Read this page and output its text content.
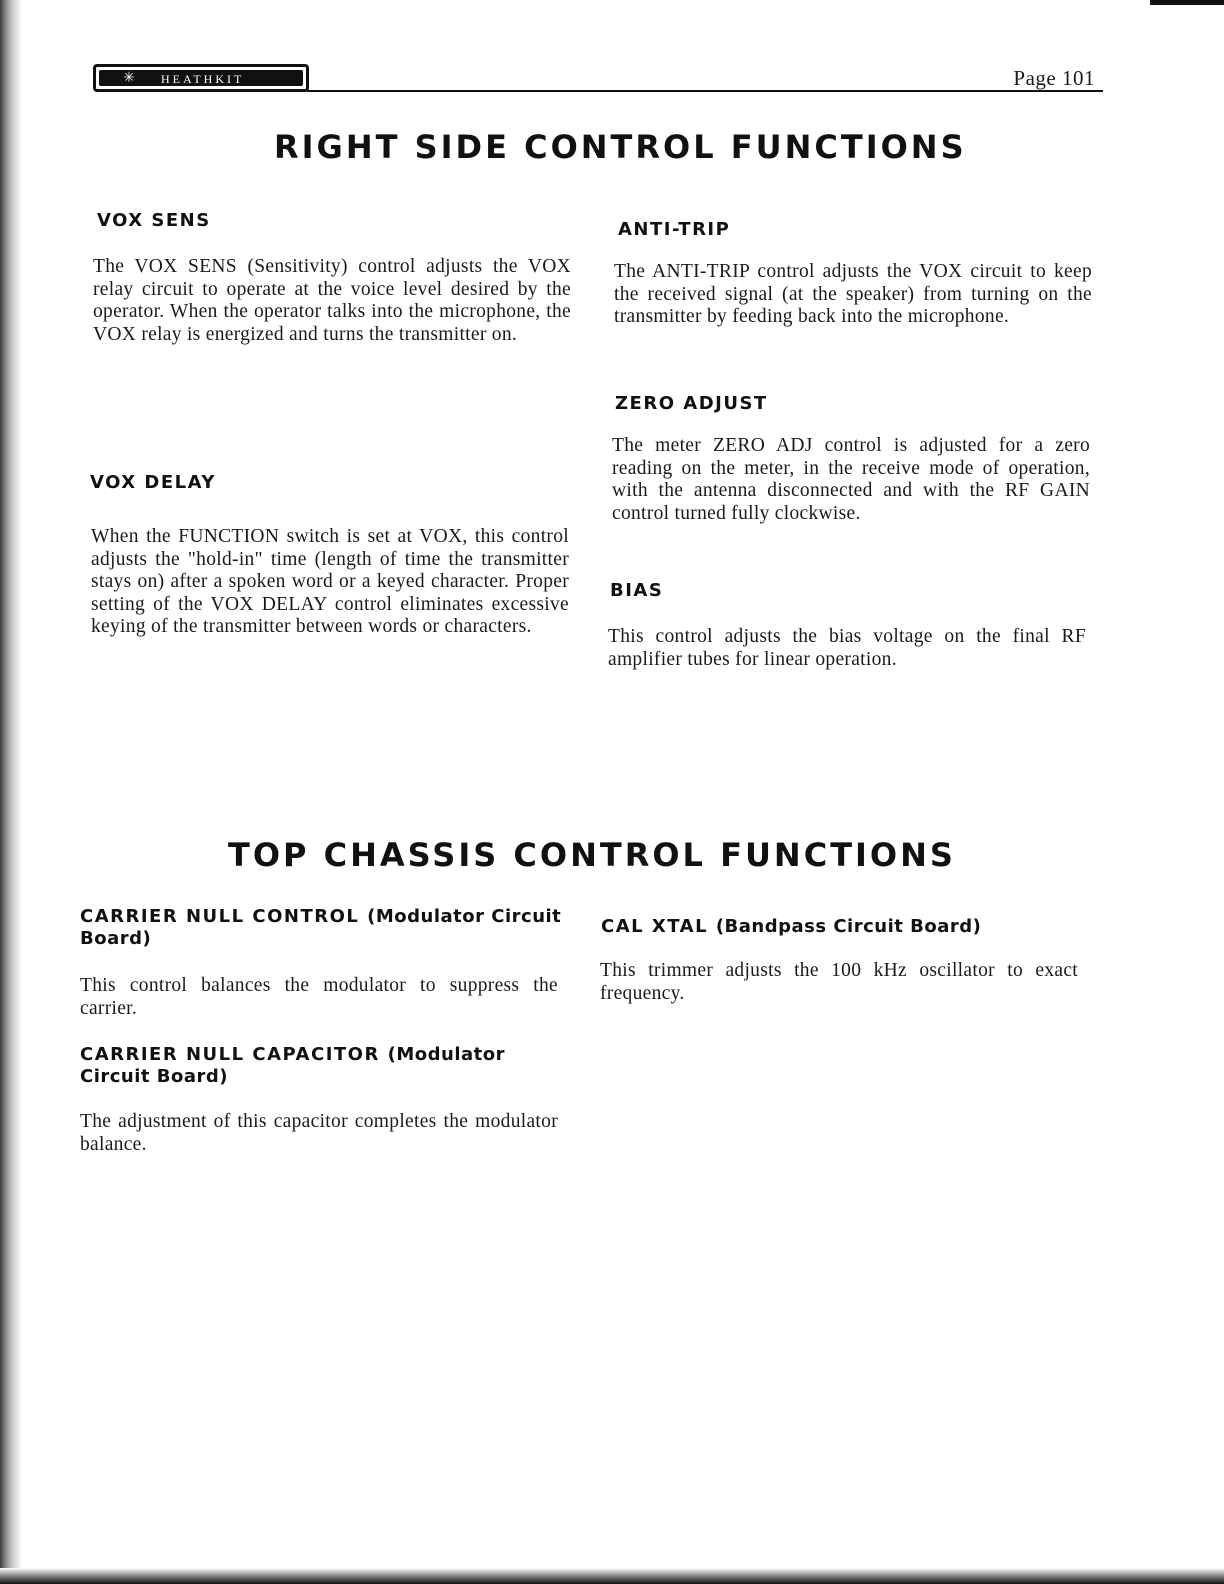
✳	HEATHKIT	Page 101
RIGHT SIDE CONTROL FUNCTIONS
VOX SENS
The VOX SENS (Sensitivity) control adjusts the VOX relay circuit to operate at the voice level desired by the operator. When the operator talks into the microphone, the VOX relay is energized and turns the transmitter on.
VOX DELAY
When the FUNCTION switch is set at VOX, this control adjusts the "hold-in" time (length of time the transmitter stays on) after a spoken word or a keyed character. Proper setting of the VOX DELAY control eliminates excessive keying of the transmitter between words or characters.
ANTI-TRIP
The ANTI-TRIP control adjusts the VOX circuit to keep the received signal (at the speaker) from turning on the transmitter by feeding back into the microphone.
ZERO ADJUST
The meter ZERO ADJ control is adjusted for a zero reading on the meter, in the receive mode of operation, with the antenna disconnected and with the RF GAIN control turned fully clockwise.
BIAS
This control adjusts the bias voltage on the final RF amplifier tubes for linear operation.
TOP CHASSIS CONTROL FUNCTIONS
CARRIER NULL CONTROL (Modulator Circuit Board)
This control balances the modulator to suppress the carrier.
CARRIER NULL CAPACITOR (Modulator Circuit Board)
The adjustment of this capacitor completes the modulator balance.
CAL XTAL (Bandpass Circuit Board)
This trimmer adjusts the 100 kHz oscillator to exact frequency.
